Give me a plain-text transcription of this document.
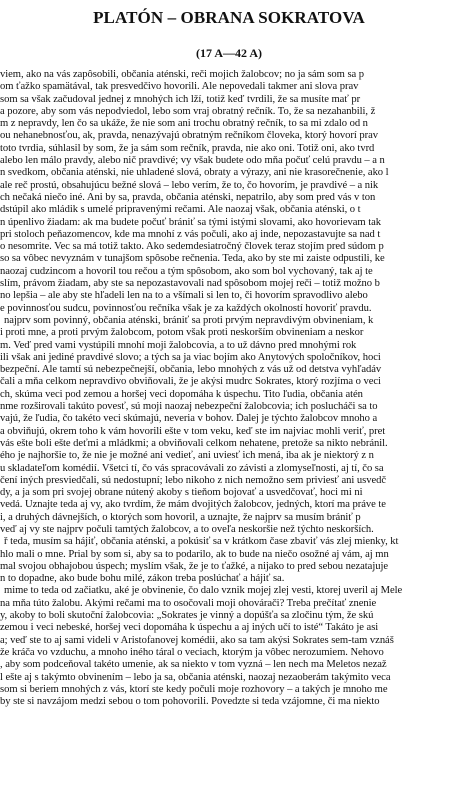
PLATÓN – OBRANA SOKRATOVA
(17 A—42 A)
viem, ako na vás zapôsobili, občania aténski, reči mojich žalobcov; no ja sám som sa p
om ťažko spamätával, tak presvedčivo hovorili. Ale nepovedali takmer ani slova prav
som sa však začudoval jednej z mnohých ich lží, totiž keď tvrdili, že sa musíte mať pr
a pozore, aby som vás nepodviedol, lebo som vraj obratný rečník. To, že sa nezahanbili, ž
m z nepravdy, len čo sa ukáže, že nie som ani trochu obratný rečník, to sa mi zdalo od n
ou nehanebnosťou, ak, pravda, nenazývajú obratným rečníkom človeka, ktorý hovorí prav
toto tvrdia, súhlasil by som, že ja sám som rečník, pravda, nie ako oni. Totiž oni, ako tvrd
alebo len málo pravdy, alebo nič pravdivé; vy však budete odo mňa počuť celú pravdu – a n
n svedkom, občania aténski, nie uhladené slová, obraty a výrazy, ani nie krasorečnenie, ako l
ale reč prostú, obsahujúcu bežné slová – lebo verím, že to, čo hovorím, je pravdivé – a nik
ch nečaká niečo iné. Ani by sa, pravda, občania aténski, nepatrilo, aby som pred vás v ton
dstúpil ako mládik s umelé pripravenými rečami. Ale naozaj však, občania aténski, o t
n úpenlivo žiadam: ak ma budete počuť brániť sa tými istými slovami, ako hovorievam tak
pri stoloch peňazomencov, kde ma mnohí z vás počuli, ako aj inde, nepozastavujte sa nad t
o nesomrite. Vec sa má totiž takto. Ako sedemdesiatročný človek teraz stojím pred súdom p
so sa vôbec nevyznám v tunajšom spôsobe rečnenia. Teda, ako by ste mi zaiste odpustili, ke
naozaj cudzincom a hovoril tou rečou a tým spôsobom, ako som bol vychovaný, tak aj te
slím, právom žiadam, aby ste sa nepozastavovali nad spôsobom mojej reči – totiž možno b
no lepšia – ale aby ste hľadeli len na to a všímali si len to, či hovorím spravodlivo alebo
e povinnosťou sudcu, povinnosťou rečníka však je za každých okolností hovoriť pravdu.
najprv som povinný, občania aténski, brániť sa proti prvým nepravdivým obvineniam, k
i proti mne, a proti prvým žalobcom, potom však proti neskorším obvineniam a neskor
m. Veď pred vami vystúpili mnohí moji žalobcovia, a to už dávno pred mnohými rok
ili však ani jediné pravdivé slovo; a tých sa ja viac bojím ako Anytových spoločníkov, hoci
bezpeční. Ale tamtí sú nebezpečnejší, občania, lebo mnohých z vás už od detstva vyhľadáv
čali a mňa celkom nepravdivo obviňovali, že je akýsi mudrc Sokrates, ktorý rozjíma o veci
ch, skúma veci pod zemou a horšej veci dopomáha k úspechu. Tito ľudia, občania atén
nme rozširovali takúto povesť, sú moji naozaj nebezpeční žalobcovia; ich poslucháči sa to
vajú, že ľudia, čo takéto veci skúmajú, neveria v bohov. Ďalej je týchto žalobcov mnoho a
a obviňujú, okrem toho k vám hovorili ešte v tom veku, keď ste im najviac mohli veriť, pret
vás ešte boli ešte deťmi a mládkmi; a obviňovali celkom nehatene, pretože sa nikto nebránil.
ého je najhoršie to, že nie je možné ani vedieť, ani uviesť ich mená, iba ak je niektorý z n
u skladateľom komédií. Všetci tí, čo vás spracovávali zo závisti a zlomyseľnosti, aj tí, čo sa
čení iných presviedčali, sú nedostupní; lebo nikoho z nich nemožno sem priviesť ani usvedč
dy, a ja som pri svojej obrane nútený akoby s tieňom bojovať a usvedčovať, hoci mi ni
vedá. Uznajte teda aj vy, ako tvrdím, že mám dvojitých žalobcov, jedných, ktorí ma práve te
i, a druhých dávnejších, o ktorých som hovoril, a uznajte, že najprv sa musím brániť p
veď aj vy ste najprv počuli tamtých žalobcov, a to oveľa neskoršie než týchto neskorších.
ř teda, musím sa hájiť, občania aténski, a pokúsiť sa v krátkom čase zbaviť vás zlej mienky, kt
hlo mali o mne. Prial by som si, aby sa to podarilo, ak to bude na niečo osožné aj vám, aj mn
mal svojou obhajobou úspech; myslím však, že je to ťažké, a nijako to pred sebou nezatajuje
n to dopadne, ako bude bohu milé, zákon treba poslúchať a hájiť sa.
mime to teda od začiatku, aké je obvinenie, čo dalo vznik mojej zlej vesti, ktorej uveril aj Mele
na mňa túto žalobu. Akými rečami ma to osočovali moji ohovárači? Treba prečítať znenie
y, akoby to boli skutoční žalobcovia: „Sokrates je vinný a dopúšťa sa zločinu tým, že skú
zemou i veci nebeské, horšej veci dopomáha k úspechu a aj iných učí to isté“ Takáto je asi
a; veď ste to aj sami videli v Aristofanovej komédii, ako sa tam akýsi Sokrates sem-tam vznáš
že kráča vo vzduchu, a mnoho iného táral o veciach, ktorým ja vôbec nerozumiem. Nehovo
, aby som podceňoval takéto umenie, ak sa niekto v tom vyzná – len nech ma Meletos nezaž
l ešte aj s takýmto obvinením – lebo ja sa, občania aténski, naozaj nezaoberám takýmito veca
som si beriem mnohých z vás, ktorí ste kedy počuli moje rozhovory – a takých je mnoho me
by ste si navzájom medzi sebou o tom pohovorili. Povedzte si teda vzájomne, či ma niekto
